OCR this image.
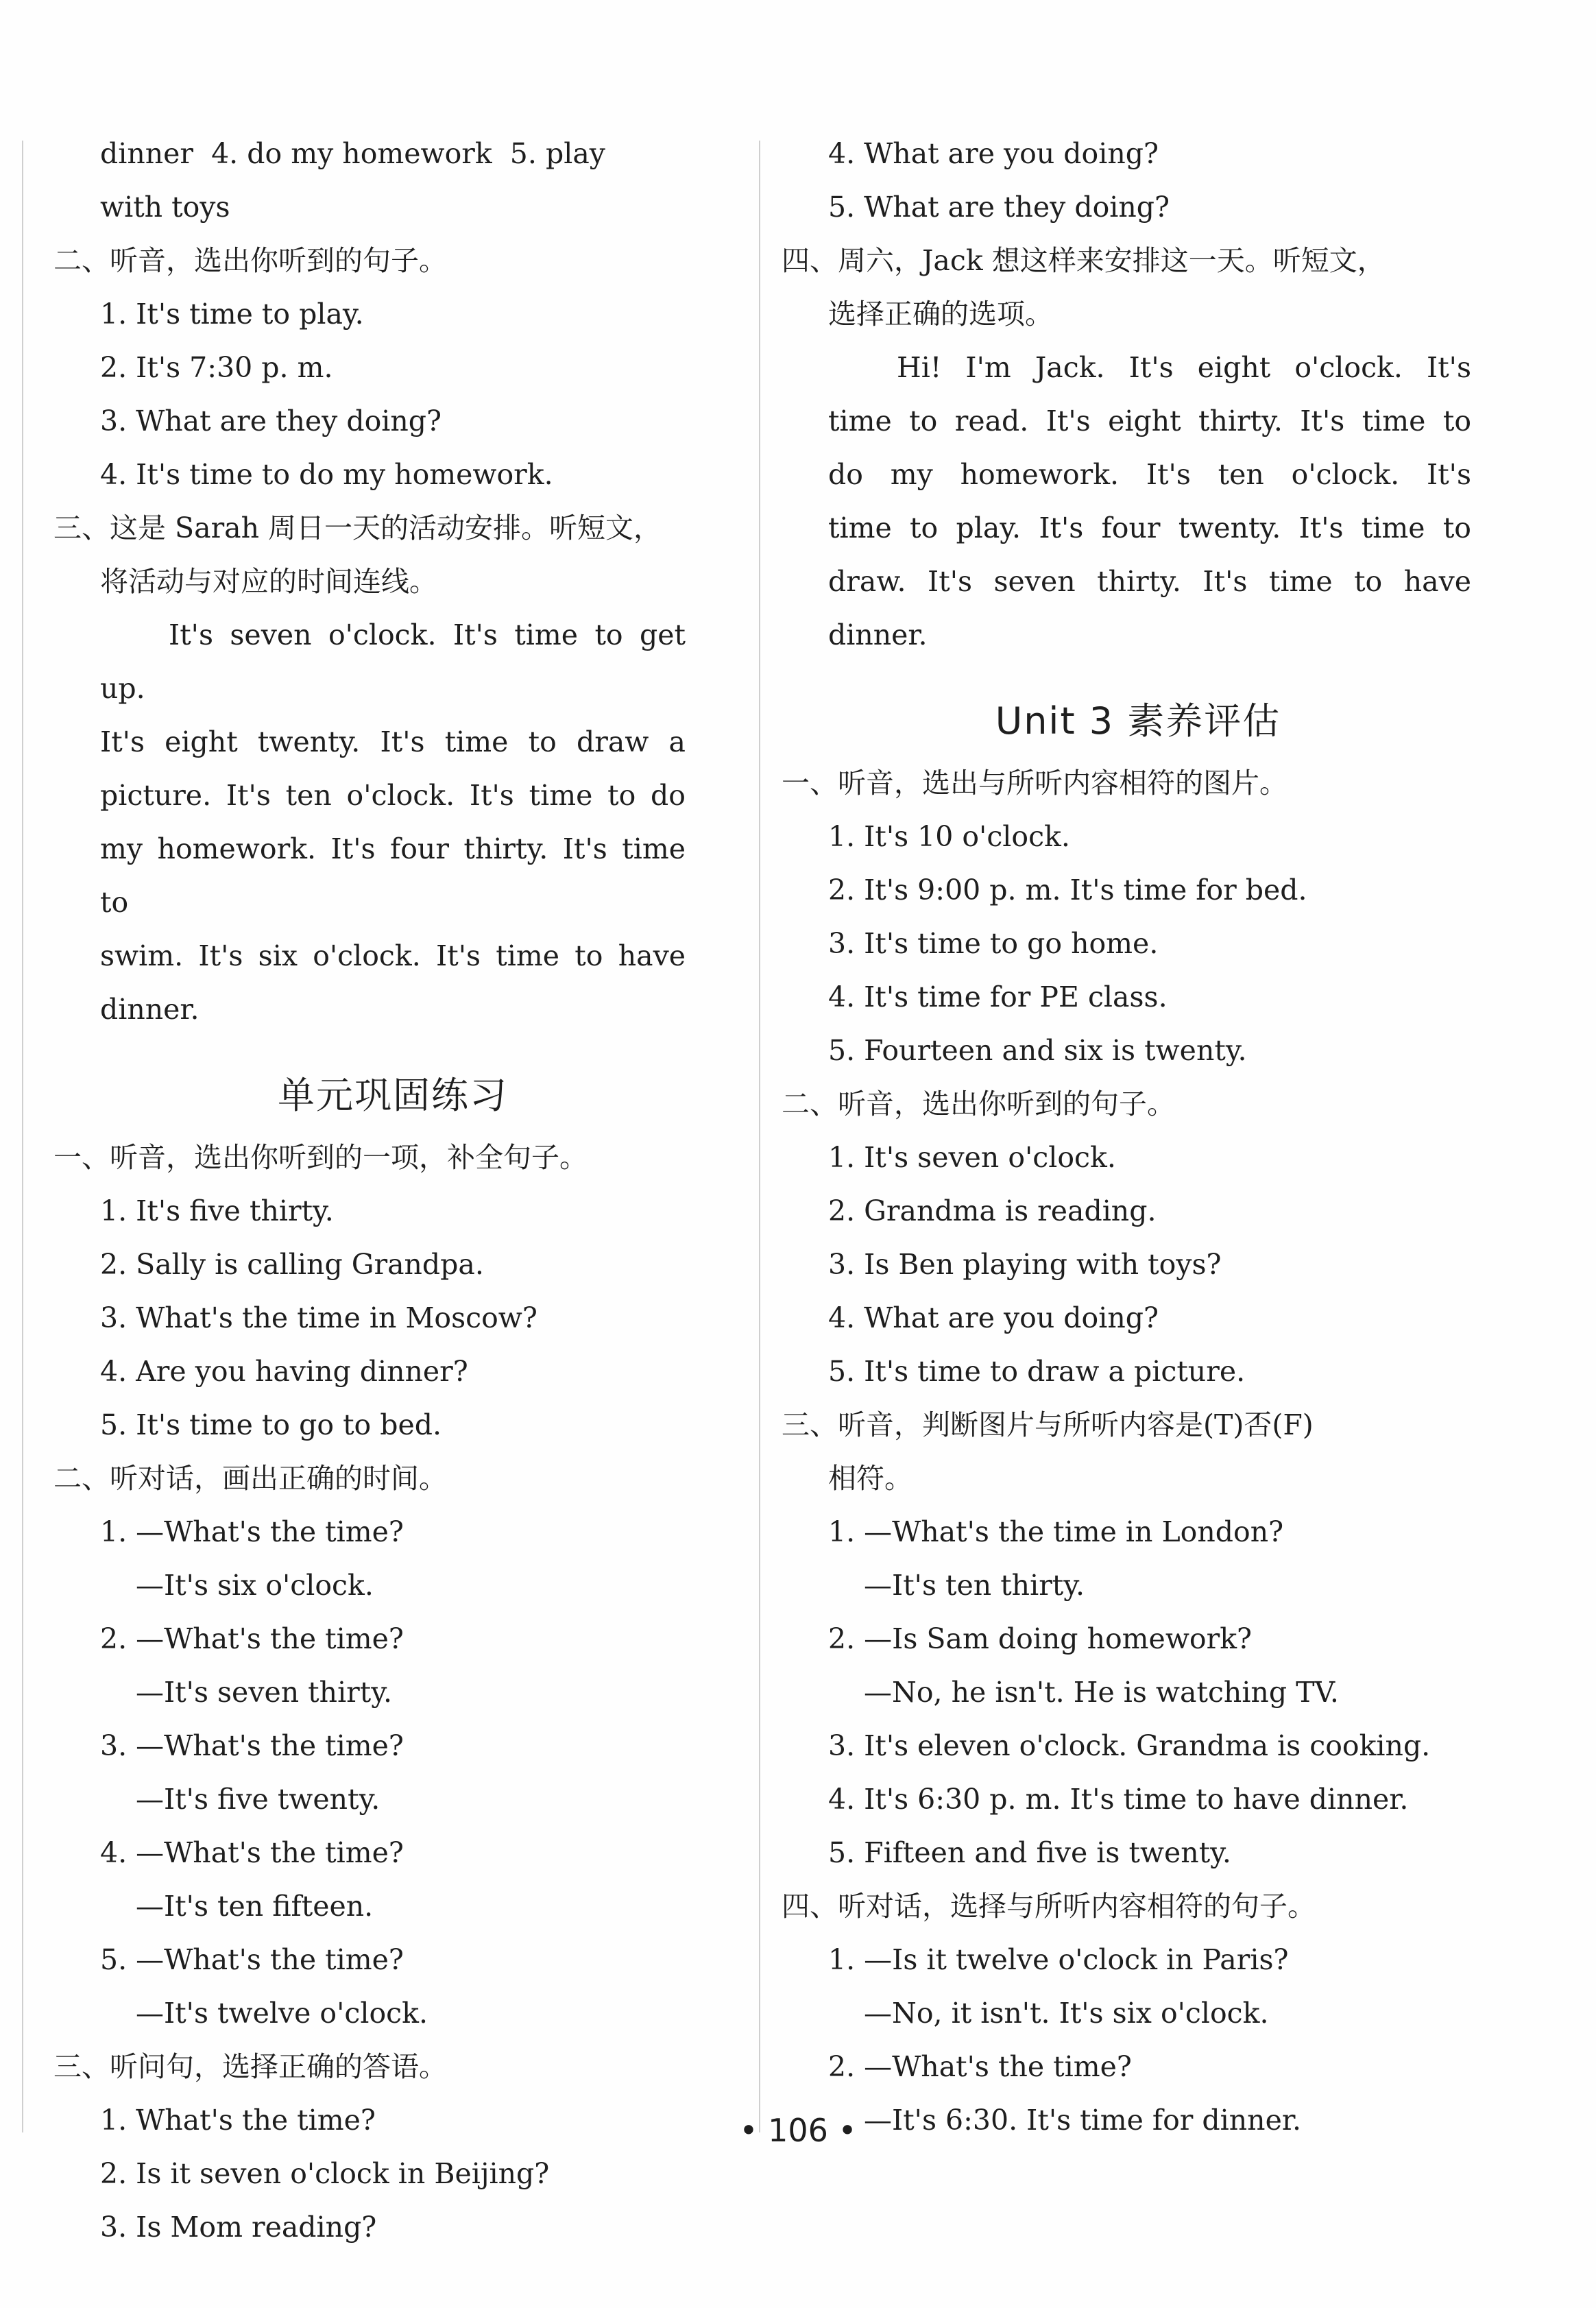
dinner  4. do my homework  5. play
with toys
二、听音，选出你听到的句子。
1. It's time to play.
2. It's 7:30 p. m.
3. What are they doing?
4. It's time to do my homework.
三、这是 Sarah 周日一天的活动安排。听短文，
将活动与对应的时间连线。
It's seven o'clock. It's time to get up.
It's eight twenty. It's time to draw a
picture. It's ten o'clock. It's time to do
my homework. It's four thirty. It's time to
swim. It's six o'clock. It's time to have
dinner.
单元巩固练习
一、听音，选出你听到的一项，补全句子。
1. It's five thirty.
2. Sally is calling Grandpa.
3. What's the time in Moscow?
4. Are you having dinner?
5. It's time to go to bed.
二、听对话，画出正确的时间。
1. —What's the time?
—It's six o'clock.
2. —What's the time?
—It's seven thirty.
3. —What's the time?
—It's five twenty.
4. —What's the time?
—It's ten fifteen.
5. —What's the time?
—It's twelve o'clock.
三、听问句，选择正确的答语。
1. What's the time?
2. Is it seven o'clock in Beijing?
3. Is Mom reading?
4. What are you doing?
5. What are they doing?
四、周六，Jack 想这样来安排这一天。听短文，
选择正确的选项。
Hi! I'm Jack. It's eight o'clock. It's
time to read. It's eight thirty. It's time to
do my homework. It's ten o'clock. It's
time to play. It's four twenty. It's time to
draw. It's seven thirty. It's time to have
dinner.
Unit 3 素养评估
一、听音，选出与所听内容相符的图片。
1. It's 10 o'clock.
2. It's 9:00 p. m. It's time for bed.
3. It's time to go home.
4. It's time for PE class.
5. Fourteen and six is twenty.
二、听音，选出你听到的句子。
1. It's seven o'clock.
2. Grandma is reading.
3. Is Ben playing with toys?
4. What are you doing?
5. It's time to draw a picture.
三、听音，判断图片与所听内容是(T)否(F)
相符。
1. —What's the time in London?
—It's ten thirty.
2. —Is Sam doing homework?
—No, he isn't. He is watching TV.
3. It's eleven o'clock. Grandma is cooking.
4. It's 6:30 p. m. It's time to have dinner.
5. Fifteen and five is twenty.
四、听对话，选择与所听内容相符的句子。
1. —Is it twelve o'clock in Paris?
—No, it isn't. It's six o'clock.
2. —What's the time?
—It's 6:30. It's time for dinner.
• 106 •
